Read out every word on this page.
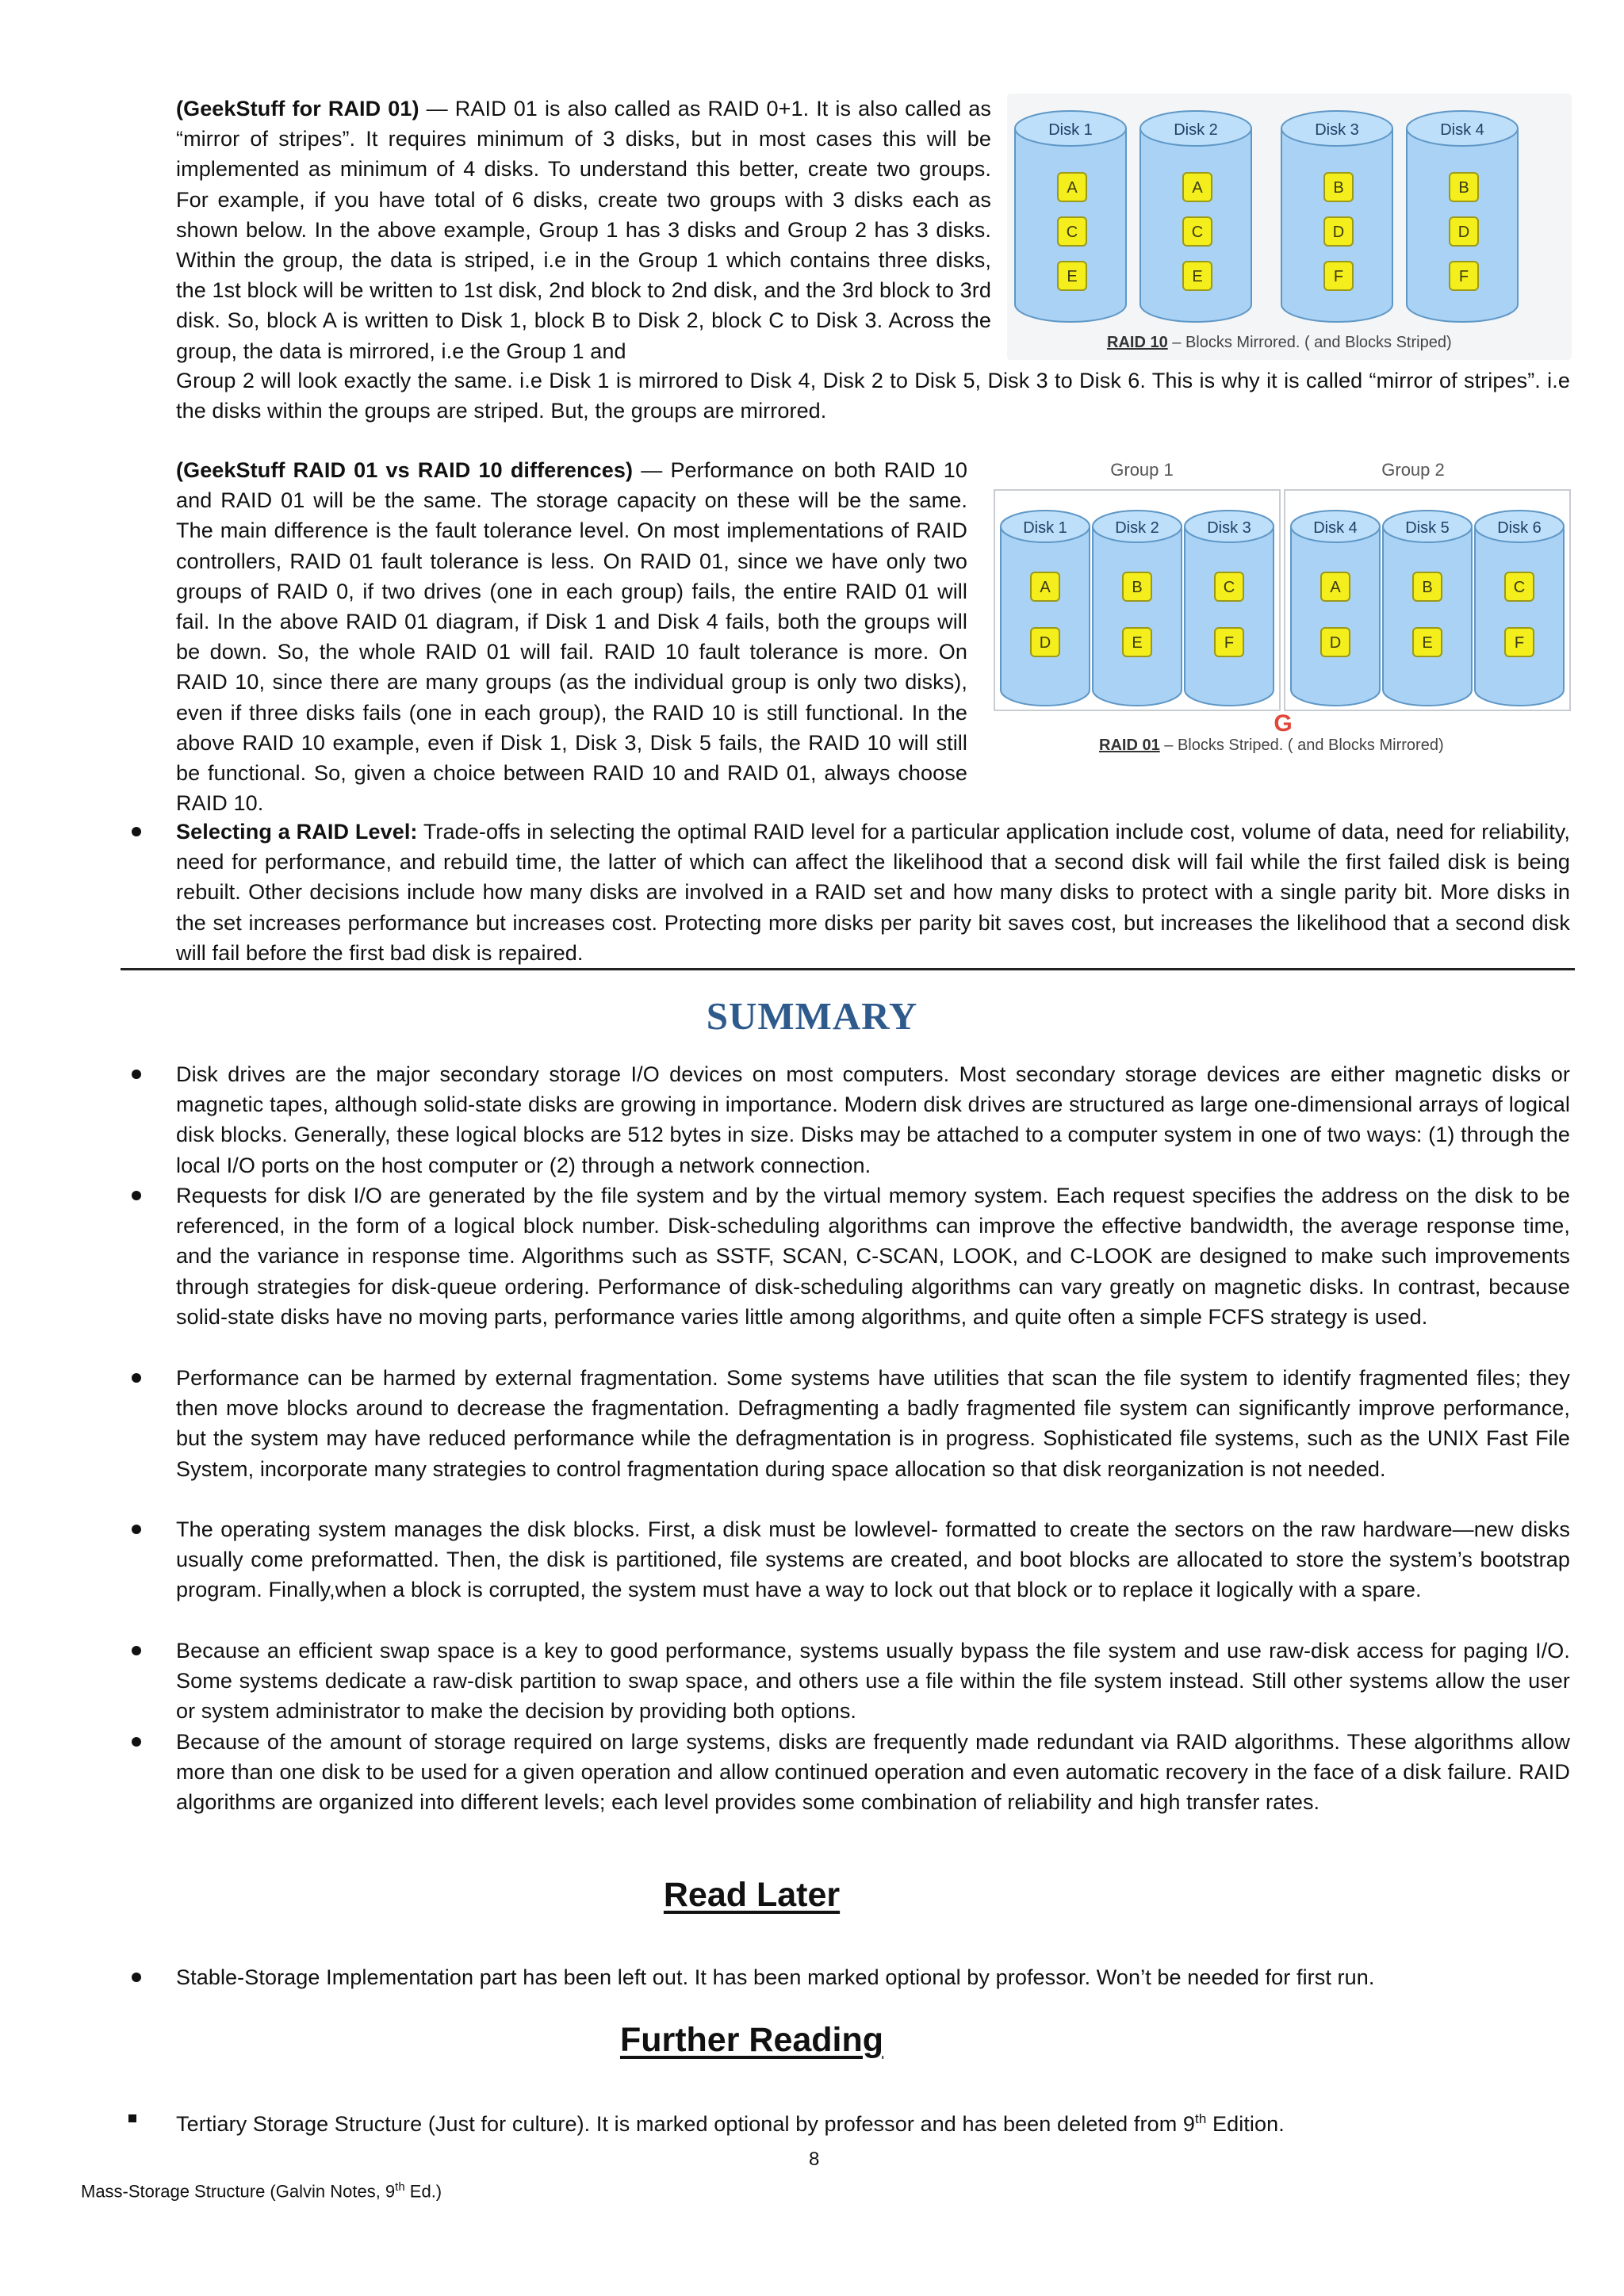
(GeekStuff for RAID 01) — RAID 01 is also called as RAID 0+1. It is also called as “mirror of stripes”. It requires minimum of 3 disks, but in most cases this will be implemented as minimum of 4 disks. To understand this better, create two groups. For example, if you have total of 6 disks, create two groups with 3 disks each as shown below. In the above example, Group 1 has 3 disks and Group 2 has 3 disks. Within the group, the data is striped, i.e in the Group 1 which contains three disks, the 1st block will be written to 1st disk, 2nd block to 2nd disk, and the 3rd block to 3rd disk. So, block A is written to Disk 1, block B to Disk 2, block C to Disk 3. Across the group, the data is mirrored, i.e the Group 1 and

Group 2 will look exactly the same. i.e Disk 1 is mirrored to Disk 4, Disk 2 to Disk 5, Disk 3 to Disk 6. This is why it is called “mirror of stripes”. i.e the disks within the groups are striped. But, the groups are mirrored.

Disk 1
A
C
E
Disk 2
A
C
E
Disk 3
B
D
F
Disk 4
B
D
F
RAID 10 – Blocks Mirrored. ( and Blocks Striped)

(GeekStuff RAID 01 vs RAID 10 differences) — Performance on both RAID 10 and RAID 01 will be the same. The storage capacity on these will be the same. The main difference is the fault tolerance level. On most implementations of RAID controllers, RAID 01 fault tolerance is less. On RAID 01, since we have only two groups of RAID 0, if two drives (one in each group) fails, the entire RAID 01 will fail. In the above RAID 01 diagram, if Disk 1 and Disk 4 fails, both the groups will be down. So, the whole RAID 01 will fail. RAID 10 fault tolerance is more. On RAID 10, since there are many groups (as the individual group is only two disks), even if three disks fails (one in each group), the RAID 10 is still functional. In the above RAID 10 example, even if Disk 1, Disk 3, Disk 5 fails, the RAID 10 will still be functional. So, given a choice between RAID 10 and RAID 01, always choose RAID 10.

Group 1	Group 2
Disk 1
A
D
Disk 2
B
E
Disk 3
C
F
Disk 4
A
D
Disk 5
B
E
Disk 6
C
F
G
RAID 01 – Blocks Striped. ( and Blocks Mirrored)

Selecting a RAID Level: Trade-offs in selecting the optimal RAID level for a particular application include cost, volume of data, need for reliability, need for performance, and rebuild time, the latter of which can affect the likelihood that a second disk will fail while the first failed disk is being rebuilt. Other decisions include how many disks are involved in a RAID set and how many disks to protect with a single parity bit. More disks in the set increases performance but increases cost. Protecting more disks per parity bit saves cost, but increases the likelihood that a second disk will fail before the first bad disk is repaired.

SUMMARY

Disk drives are the major secondary storage I/O devices on most computers. Most secondary storage devices are either magnetic disks or magnetic tapes, although solid-state disks are growing in importance. Modern disk drives are structured as large one-dimensional arrays of logical disk blocks. Generally, these logical blocks are 512 bytes in size. Disks may be attached to a computer system in one of two ways: (1) through the local I/O ports on the host computer or (2) through a network connection.

Requests for disk I/O are generated by the file system and by the virtual memory system. Each request specifies the address on the disk to be referenced, in the form of a logical block number. Disk-scheduling algorithms can improve the effective bandwidth, the average response time, and the variance in response time. Algorithms such as SSTF, SCAN, C-SCAN, LOOK, and C-LOOK are designed to make such improvements through strategies for disk-queue ordering. Performance of disk-scheduling algorithms can vary greatly on magnetic disks. In contrast, because solid-state disks have no moving parts, performance varies little among algorithms, and quite often a simple FCFS strategy is used.

Performance can be harmed by external fragmentation. Some systems have utilities that scan the file system to identify fragmented files; they then move blocks around to decrease the fragmentation. Defragmenting a badly fragmented file system can significantly improve performance, but the system may have reduced performance while the defragmentation is in progress. Sophisticated file systems, such as the UNIX Fast File System, incorporate many strategies to control fragmentation during space allocation so that disk reorganization is not needed.

The operating system manages the disk blocks. First, a disk must be lowlevel- formatted to create the sectors on the raw hardware—new disks usually come preformatted. Then, the disk is partitioned, file systems are created, and boot blocks are allocated to store the system’s bootstrap program. Finally,when a block is corrupted, the system must have a way to lock out that block or to replace it logically with a spare.

Because an efficient swap space is a key to good performance, systems usually bypass the file system and use raw-disk access for paging I/O. Some systems dedicate a raw-disk partition to swap space, and others use a file within the file system instead. Still other systems allow the user or system administrator to make the decision by providing both options.

Because of the amount of storage required on large systems, disks are frequently made redundant via RAID algorithms. These algorithms allow more than one disk to be used for a given operation and allow continued operation and even automatic recovery in the face of a disk failure. RAID algorithms are organized into different levels; each level provides some combination of reliability and high transfer rates.

Read Later

Stable-Storage Implementation part has been left out. It has been marked optional by professor. Won’t be needed for first run.

Further Reading

Tertiary Storage Structure (Just for culture). It is marked optional by professor and has been deleted from 9th Edition.

8
Mass-Storage Structure (Galvin Notes, 9th Ed.)
